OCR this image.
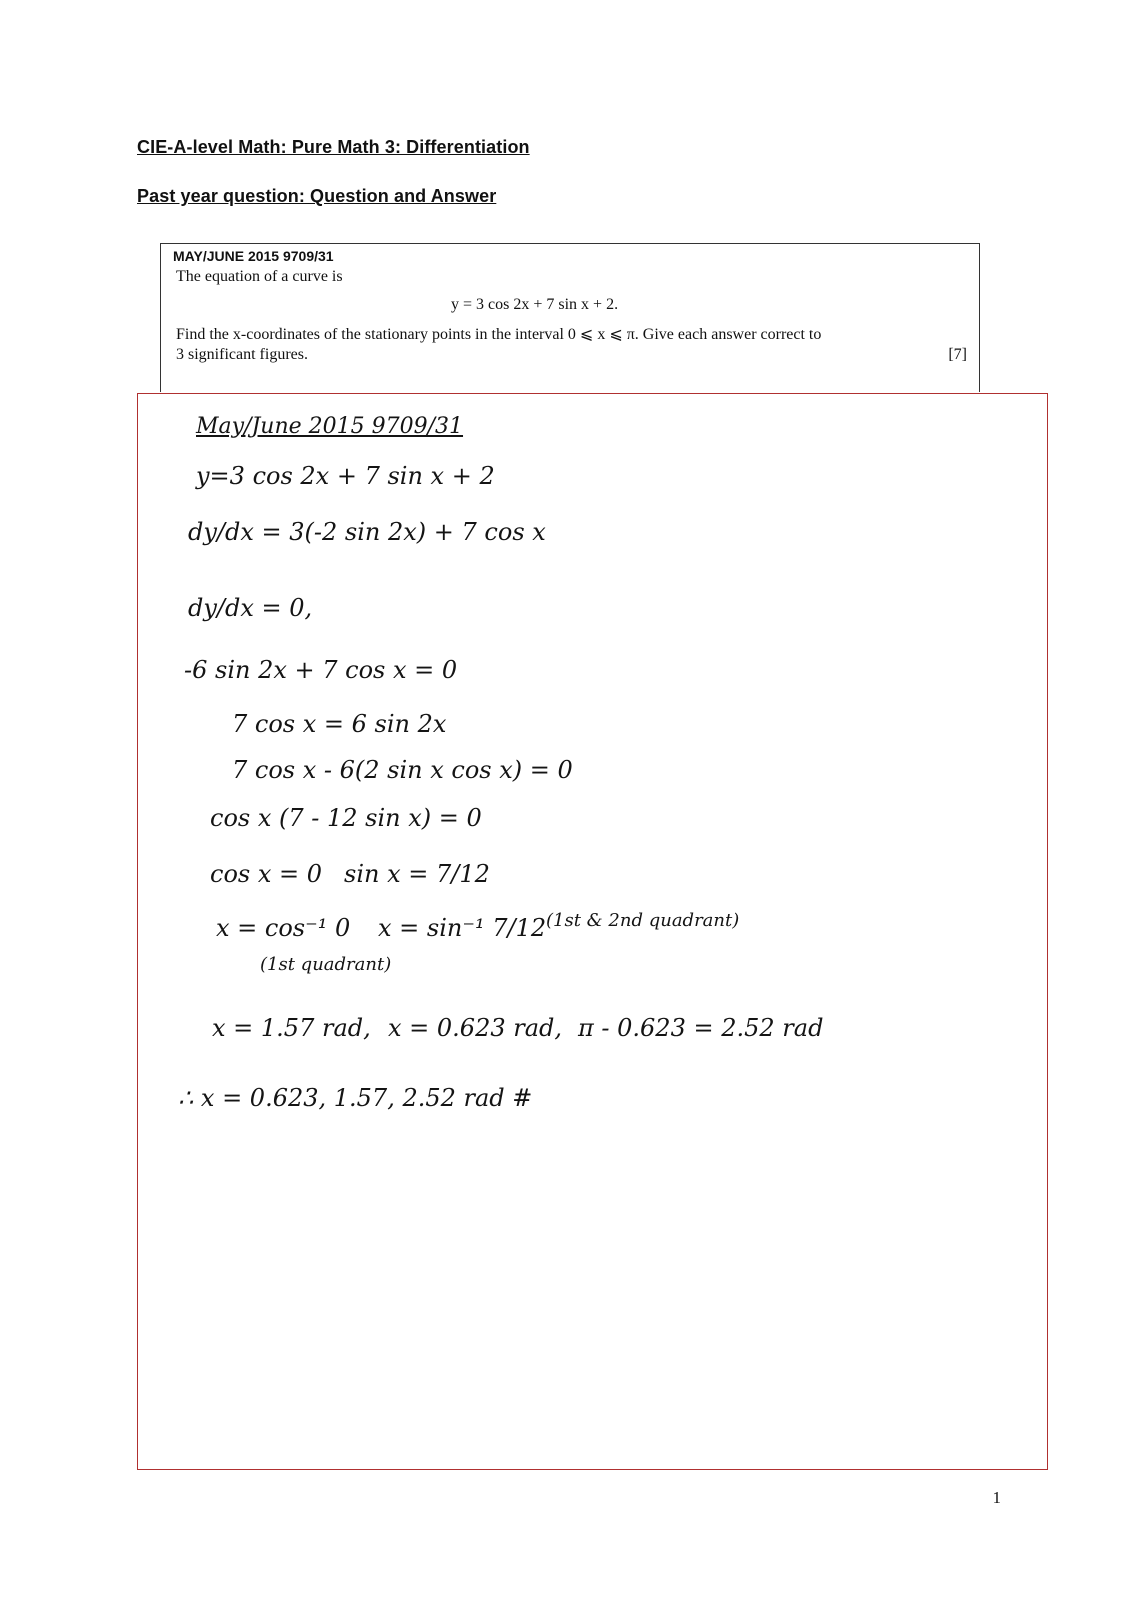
CIE-A-level Math: Pure Math 3: Differentiation
Past year question: Question and Answer
MAY/JUNE 2015 9709/31
The equation of a curve is
y = 3 cos 2x + 7 sin x + 2.
Find the x-coordinates of the stationary points in the interval 0 ⩽ x ⩽ π. Give each answer correct to
3 significant figures.	[7]
May/June 2015 9709/31
y=3 cos 2x + 7 sin x + 2
dy/dx = 3(-2 sin 2x) + 7 cos x
dy/dx = 0,
-6 sin 2x + 7 cos x = 0
7 cos x = 6 sin 2x
7 cos x - 6(2 sin x cos x) = 0
cos x (7 - 12 sin x) = 0
cos x = 0 sin x = 7/12
x = cos⁻¹ 0 x = sin⁻¹ 7/12 (1st & 2nd quadrant)
(1st quadrant)
x = 1.57 rad, x = 0.623 rad, π - 0.623 = 2.52 rad
∴ x = 0.623, 1.57, 2.52 rad #
1
